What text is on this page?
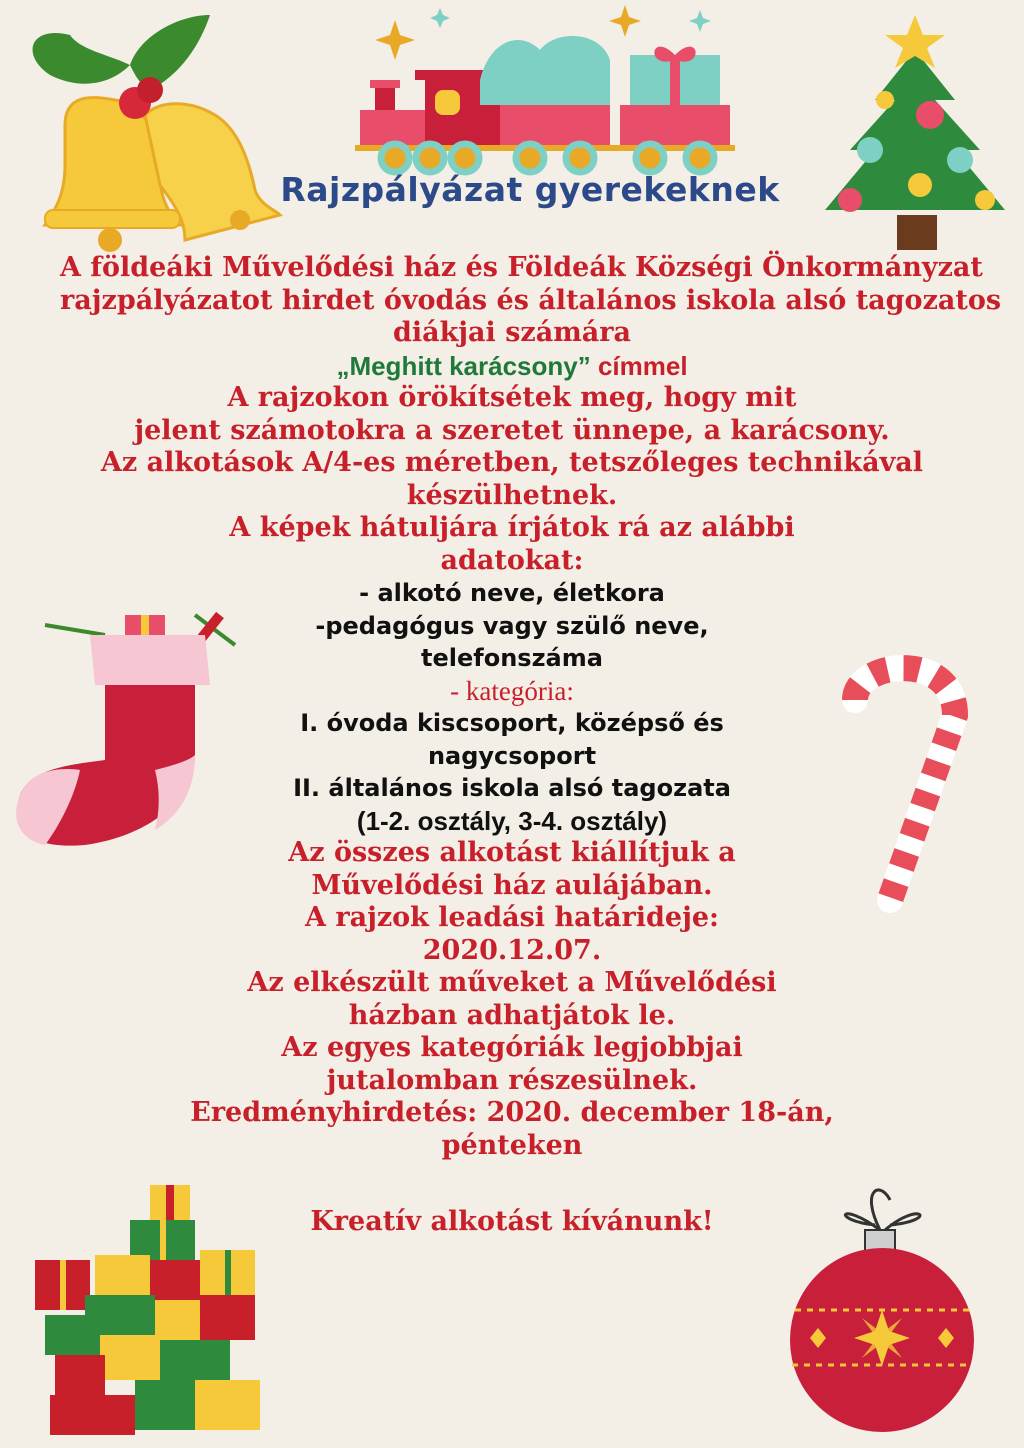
Rajzpályázat gyerekeknek
A földeáki Művelődési ház és Földeák Községi Önkormányzat
rajzpályázatot hirdet óvodás és általános iskola alsó tagozatos
diákjai számára
„Meghitt karácsony” címmel
A rajzokon örökítsétek meg, hogy mit
jelent számotokra a szeretet ünnepe, a karácsony.
Az alkotások A/4-es méretben, tetszőleges technikával
készülhetnek.
A képek hátuljára írjátok rá az alábbi
adatokat:
- alkotó neve, életkora
-pedagógus vagy szülő neve,
telefonszáma
- kategória:
I. óvoda kiscsoport, középső és
nagycsoport
II. általános iskola alsó tagozata
(1-2. osztály, 3-4. osztály)
Az összes alkotást kiállítjuk a
Művelődési ház aulájában.
A rajzok leadási határideje:
2020.12.07.
Az elkészült műveket a Művelődési
házban adhatjátok le.
Az egyes kategóriák legjobbjai
jutalomban részesülnek.
Eredményhirdetés: 2020. december 18-án,
pénteken
Kreatív alkotást kívánunk!
